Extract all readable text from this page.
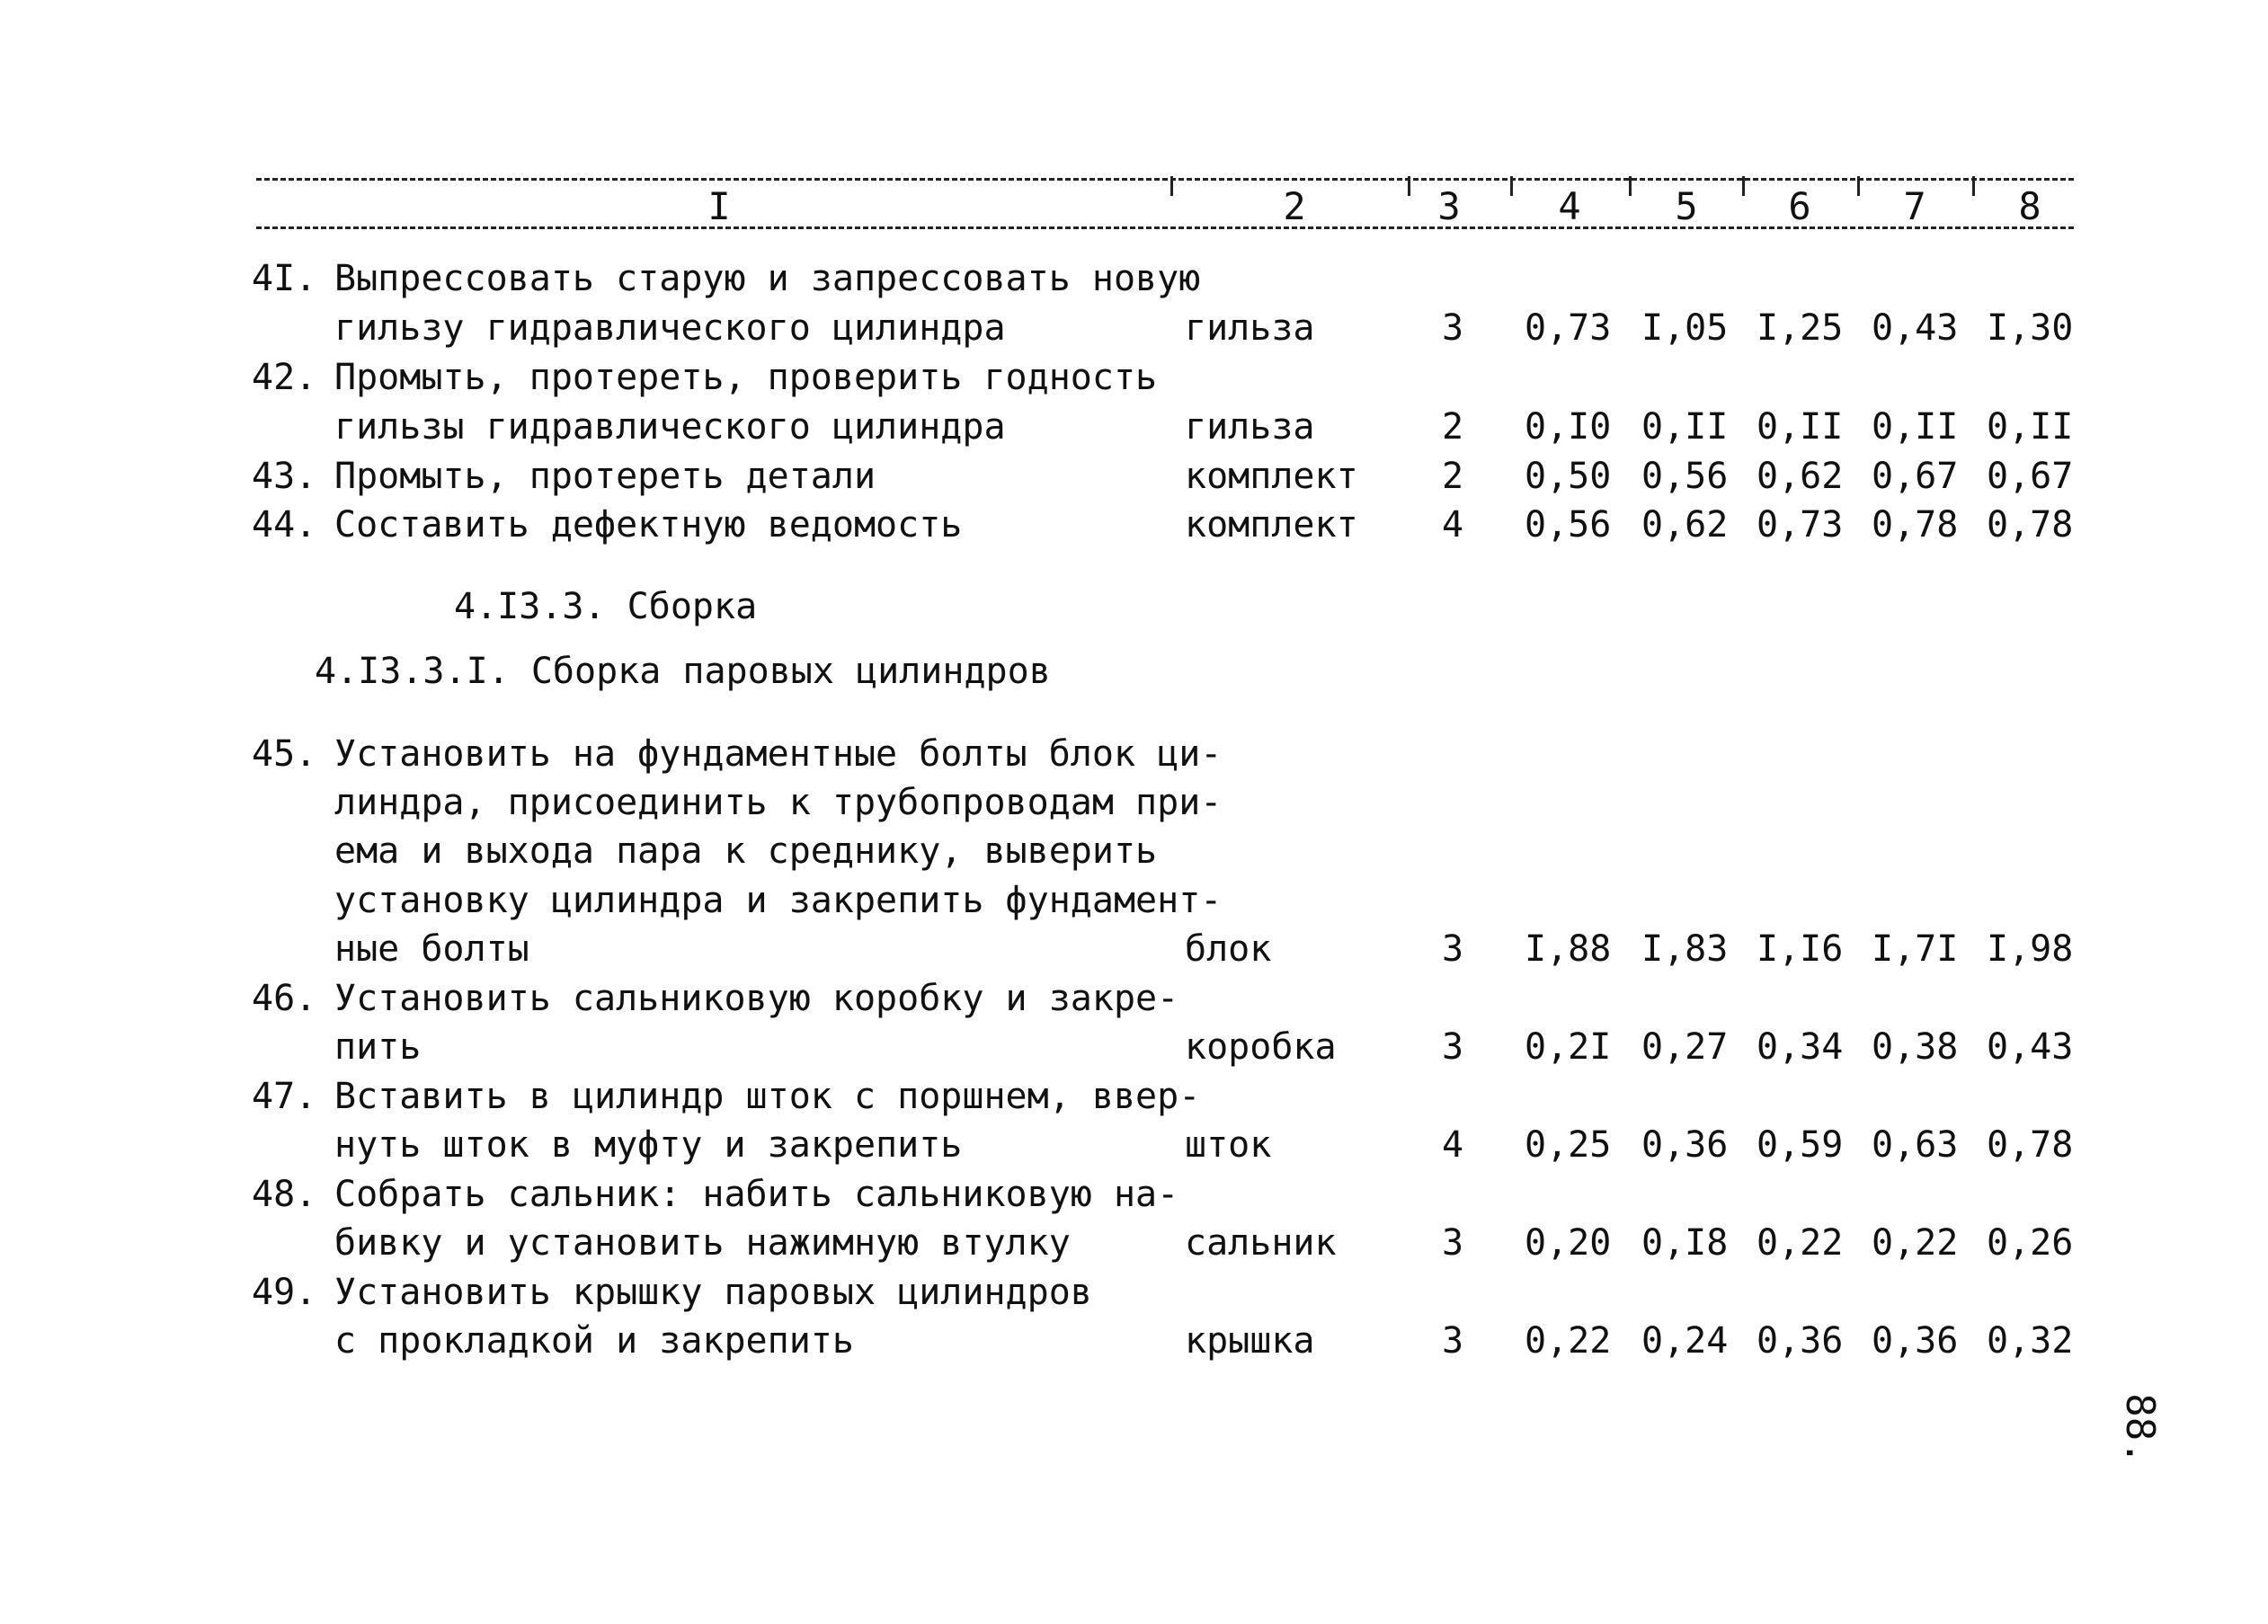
I	2	3	4	5	6	7	8
4I. Выпрессовать старую и запрессовать новую
гильзу гидравлического цилиндра	гильза	3	0,73 I,05 I,25 0,43 I,30
42. Промыть, протереть, проверить годность
гильзы гидравлического цилиндра	гильза	2	0,I0 0,II 0,II 0,II 0,II
43. Промыть, протереть детали	комплект	2	0,50 0,56 0,62 0,67 0,67
44. Составить дефектную ведомость	комплект	4	0,56 0,62 0,73 0,78 0,78
4.I3.3. Сборка
4.I3.3.I. Сборка паровых цилиндров
45. Установить на фундаментные болты блок ци-
линдра, присоединить к трубопроводам при-
ема и выхода пара к среднику, выверить
установку цилиндра и закрепить фундамент-
ные болты	блок	3	I,88 I,83 I,I6 I,7I I,98
46. Установить сальниковую коробку и закре-
пить	коробка	3	0,2I 0,27 0,34 0,38 0,43
47. Вставить в цилиндр шток с поршнем, ввер-
нуть шток в муфту и закрепить	шток	4	0,25 0,36 0,59 0,63 0,78
48. Собрать сальник: набить сальниковую на-
бивку и установить нажимную втулку	сальник	3	0,20 0,I8 0,22 0,22 0,26
49. Установить крышку паровых цилиндров
с прокладкой и закрепить	крышка	3	0,22 0,24 0,36 0,36 0,32
88.
